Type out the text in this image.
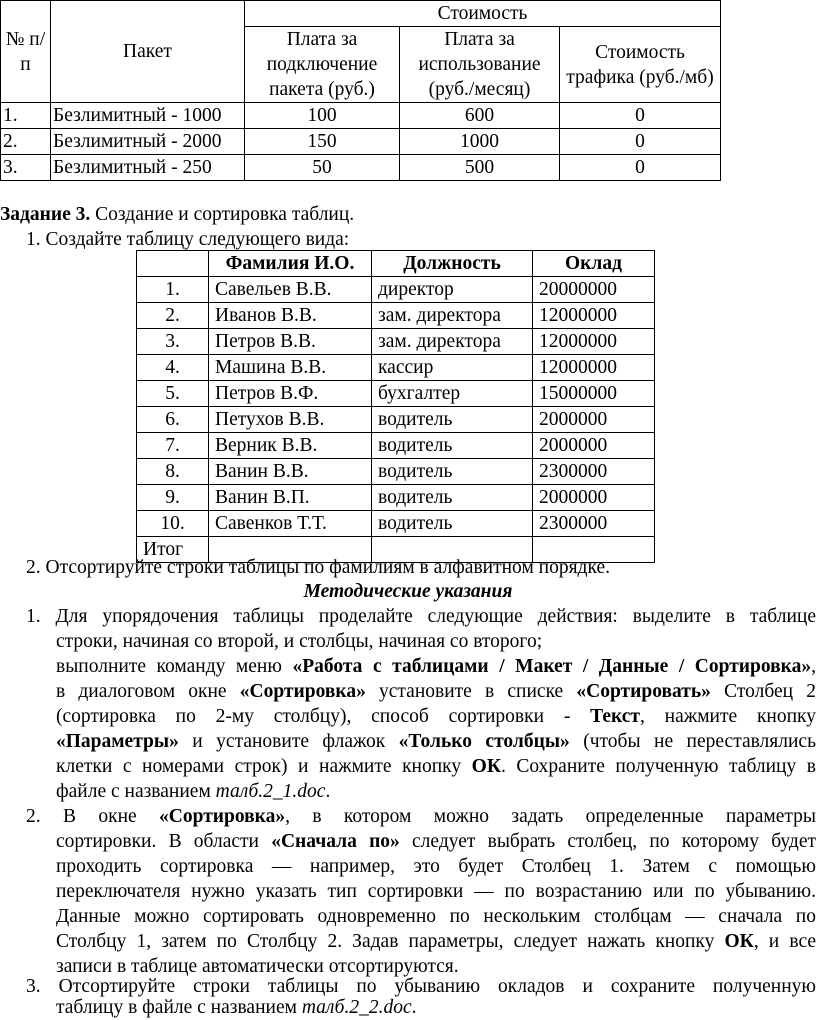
№ п/п	Пакет	Стоимость		
		Плата за подключение пакета (руб.)	Плата за использование (руб./месяц)	Стоимость трафика (руб./мб)
1.	Безлимитный - 1000	100	600	0
2.	Безлимитный - 2000	150	1000	0
3.	Безлимитный - 250	50	500	0
Задание 3. Создание и сортировка таблиц.
1. Создайте таблицу следующего вида:
	Фамилия И.О.	Должность	Оклад
1.	Савельев В.В.	директор	20000000
2.	Иванов В.В.	зам. директора	12000000
3.	Петров В.В.	зам. директора	12000000
4.	Машина В.В.	кассир	12000000
5.	Петров В.Ф.	бухгалтер	15000000
6.	Петухов В.В.	водитель	2000000
7.	Верник В.В.	водитель	2000000
8.	Ванин В.В.	водитель	2300000
9.	Ванин В.П.	водитель	2000000
10.	Савенков Т.Т.	водитель	2300000
Итог			
2. Отсортируйте строки таблицы по фамилиям в алфавитном порядке.
Методические указания
1. Для упорядочения таблицы проделайте следующие действия: выделите в таблице
строки, начиная со второй, и столбцы, начиная со второго;
выполните команду меню «Работа с таблицами / Макет / Данные / Сортировка»,
в диалоговом окне «Сортировка» установите в списке «Сортировать» Столбец 2
(сортировка по 2-му столбцу), способ сортировки - Текст, нажмите кнопку
«Параметры» и установите флажок «Только столбцы» (чтобы не переставлялись
клетки с номерами строк) и нажмите кнопку ОК. Сохраните полученную таблицу в
файле с названием талб.2_1.doc.
2. В окне «Сортировка», в котором можно задать определенные параметры
сортировки. В области «Сначала по» следует выбрать столбец, по которому будет
проходить сортировка — например, это будет Столбец 1. Затем с помощью
переключателя нужно указать тип сортировки — по возрастанию или по убыванию.
Данные можно сортировать одновременно по нескольким столбцам — сначала по
Столбцу 1, затем по Столбцу 2. Задав параметры, следует нажать кнопку ОК, и все
записи в таблице автоматически отсортируются.
3. Отсортируйте строки таблицы по убыванию окладов и сохраните полученную
таблицу в файле с названием талб.2_2.doc.
